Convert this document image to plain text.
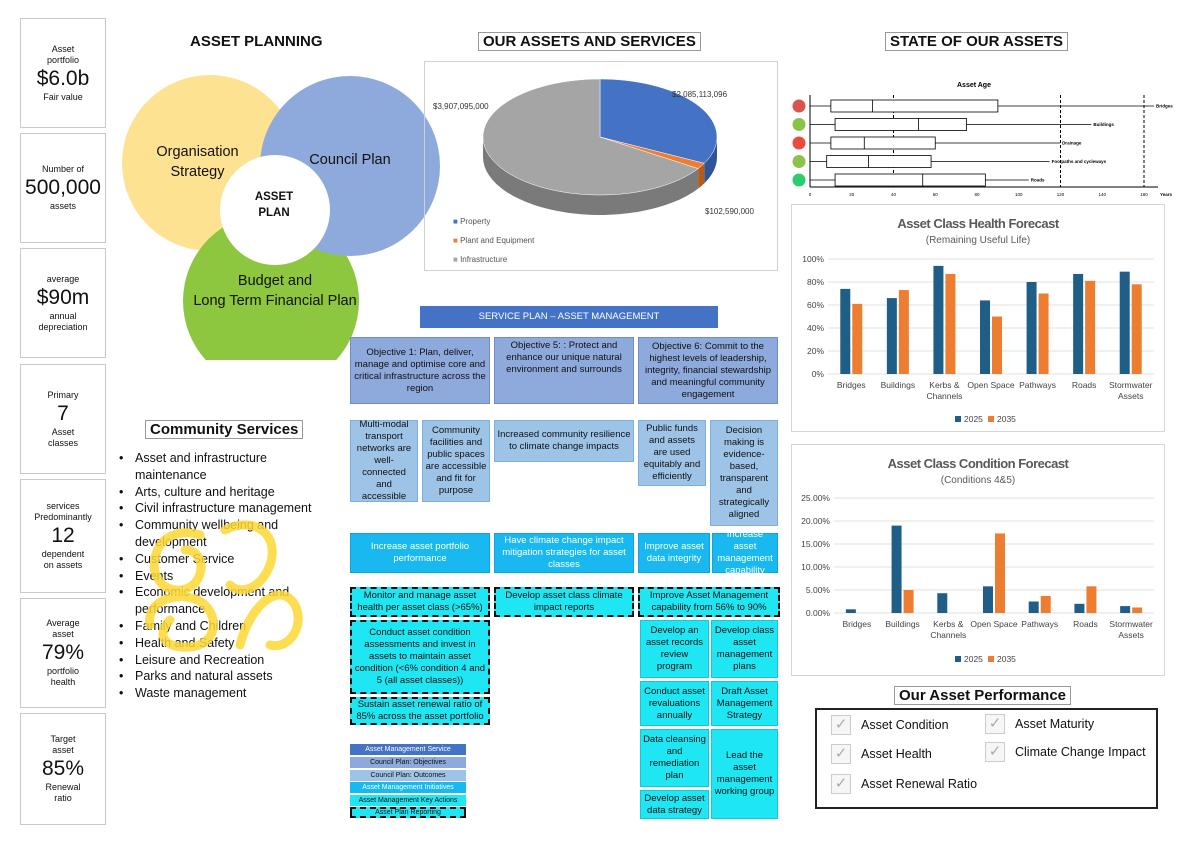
Asset portfolio
$6.0b
Fair value
Number of
500,000
assets
average
$90m
annual depreciation
Primary
7
Asset classes
services Predominantly
12
dependent on assets
Average asset
79%
portfolio health
Target asset
85%
Renewal ratio
ASSET PLANNING
Organisation Strategy
Council Plan
ASSET PLAN
Budget and
Long Term Financial Plan
Community Services
• Asset and infrastructure maintenance
• Arts, culture and heritage
• Civil infrastructure management
• Community wellbeing and development
• Customer Service
• Events
• Economic development and performance
• Family and Children
• Health and Safety
• Leisure and Recreation
• Parks and natural assets
• Waste management
OUR ASSETS AND SERVICES
$3,907,095,000
$2,085,113,096
$102,590,000
■ Property
■ Plant and Equipment
■ Infrastructure
SERVICE PLAN – ASSET MANAGEMENT
Objective 1: Plan, deliver, manage and optimise core and critical infrastructure across the region
Objective 5: : Protect and enhance our unique natural environment and surrounds
Objective 6: Commit to the highest levels of leadership, integrity, financial stewardship and meaningful community engagement
Multi-modal transport networks are well-connected and accessible
Community facilities and public spaces are accessible and fit for purpose
Increased community resilience to climate change impacts
Public funds and assets are used equitably and efficiently
Decision making is evidence-based, transparent and strategically aligned
Increase asset portfolio performance
Have climate change impact mitigation strategies for asset classes
Improve asset data integrity
Increase asset management capability
Monitor and manage asset health per asset class (>65%)
Develop asset class climate impact reports
Improve Asset Management capability from 56% to 90%
Conduct asset condition assessments and invest in assets to maintain asset condition (<6% condition 4 and 5 (all asset classes))
Sustain asset renewal ratio of 85% across the asset portfolio
Develop an asset records review program
Develop class asset management plans
Conduct asset revaluations annually
Draft Asset Management Strategy
Data cleansing and remediation plan
Lead the asset management working group
Develop asset data strategy
Asset Management Service
Council Plan: Objectives
Council Plan: Outcomes
Asset Management Initiatives
Asset Management Key Actions
Asset Plan Reporting
STATE OF OUR ASSETS
Asset Age
0	20	40	60	80	100	120	140	160	Years
Bridges
Buildings
Drainage
Footpaths and cycleways
Roads
Asset Class Health Forecast
(Remaining Useful Life)
0%
20%
40%
60%
80%
100%
Bridges Buildings Kerbs &
Channels
Open Space Pathways Roads Stormwater
Assets
2025 2035
Asset Class Condition Forecast
(Conditions 4&5)
0.00%
5.00%
10.00%
15.00%
20.00%
25.00%
Bridges Buildings Kerbs &
Channels
Open Space Pathways Roads Stormwater
Assets
2025 2035
Our Asset Performance
✓ Asset Condition	✓ Asset Maturity
✓ Asset Health	✓ Climate Change Impact
✓ Asset Renewal Ratio
